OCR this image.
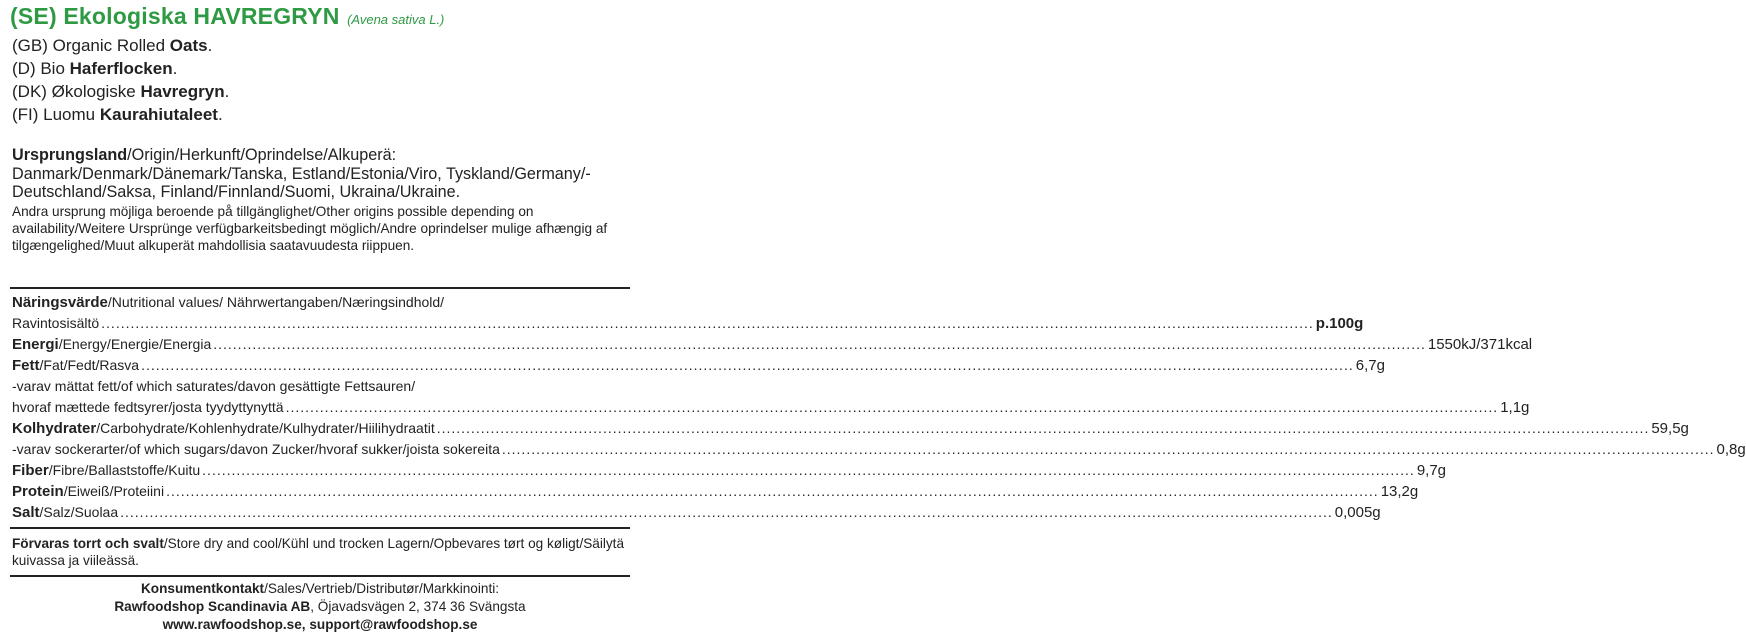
(SE) Ekologiska HAVREGRYN (Avena sativa L.)
(GB) Organic Rolled Oats.
(D) Bio Haferflocken.
(DK) Økologiske Havregryn.
(FI) Luomu Kaurahiutaleet.
Ursprungsland/Origin/Herkunft/Oprindelse/Alkuperä: Danmark/Denmark/Dänemark/Tanska, Estland/Estonia/Viro, Tyskland/Germany/-Deutschland/Saksa, Finland/Finnland/Suomi, Ukraina/Ukraine.
Andra ursprung möjliga beroende på tillgänglighet/Other origins possible depending on availability/Weitere Ursprünge verfügbarkeitsbedingt möglich/Andre oprindelser mulige afhængig af tilgængelighed/Muut alkuperät mahdollisia saatavuudesta riippuen.
Näringsvärde/Nutritional values/ Nährwertangaben/Næringsindhold/
Ravintosisältö .....	p.100g
Energi/Energy/Energie/Energia .....	1550kJ/371kcal
Fett/Fat/Fedt/Rasva .....	6,7g
-varav mättat fett/of which saturates/davon gesättigte Fettsauren/
hvoraf mættede fedtsyrer/josta tyydyttynyttä .....	1,1g
Kolhydrater/Carbohydrate/Kohlenhydrate/Kulhydrater/Hiilihydraatit .....	59,5g
-varav sockerarter/of which sugars/davon Zucker/hvoraf sukker/joista sokereita .....	0,8g
Fiber/Fibre/Ballaststoffe/Kuitu .....	9,7g
Protein/Eiweiß/Proteiini .....	13,2g
Salt/Salz/Suolaa .....	0,005g
Förvaras torrt och svalt/Store dry and cool/Kühl und trocken Lagern/Opbevares tørt og køligt/Säilytä kuivassa ja viileässä.
Konsumentkontakt/Sales/Vertrieb/Distributør/Markkinointi:
Rawfoodshop Scandinavia AB, Öjavadsvägen 2, 374 36 Svängsta
www.rawfoodshop.se, support@rawfoodshop.se
